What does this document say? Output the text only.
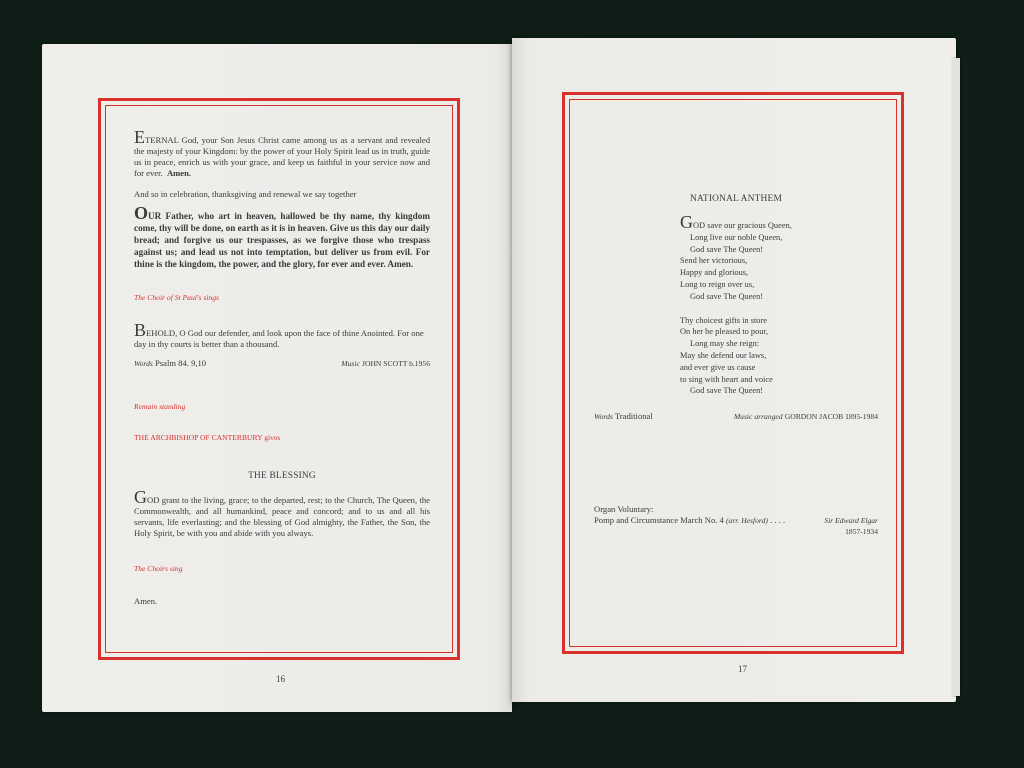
ETERNAL God, your Son Jesus Christ came among us as a servant and revealed the majesty of your Kingdom: by the power of your Holy Spirit lead us in truth, guide us in peace, enrich us with your grace, and keep us faithful in your service now and for ever. Amen.

And so in celebration, thanksgiving and renewal we say together

OUR Father, who art in heaven, hallowed be thy name, thy kingdom come, thy will be done, on earth as it is in heaven. Give us this day our daily bread; and forgive us our trespasses, as we forgive those who trespass against us; and lead us not into temptation, but deliver us from evil. For thine is the kingdom, the power, and the glory, for ever and ever. Amen.

The Choir of St Paul's sings

BEHOLD, O God our defender, and look upon the face of thine Anointed. For one day in thy courts is better than a thousand.

Words Psalm 84. 9,10	Music JOHN SCOTT b.1956

Remain standing

THE ARCHBISHOP OF CANTERBURY gives

THE BLESSING

GOD grant to the living, grace; to the departed, rest; to the Church, The Queen, the Commonwealth, and all humankind, peace and concord; and to us and all his servants, life everlasting; and the blessing of God almighty, the Father, the Son, the Holy Spirit, be with you and abide with you always.

The Choirs sing

Amen.

16

NATIONAL ANTHEM

GOD save our gracious Queen,

Long live our noble Queen,

God save The Queen!

Send her victorious,

Happy and glorious,

Long to reign over us,

God save The Queen!

Thy choicest gifts in store

On her be pleased to pour,

Long may she reign:

May she defend our laws,

and ever give us cause

to sing with heart and voice

God save The Queen!

Words Traditional	Music arranged GORDON JACOB 1895-1984

Organ Voluntary:

Pomp and Circumstance March No. 4 (arr. Hesford) . . . .	Sir Edward Elgar
1857-1934
17
